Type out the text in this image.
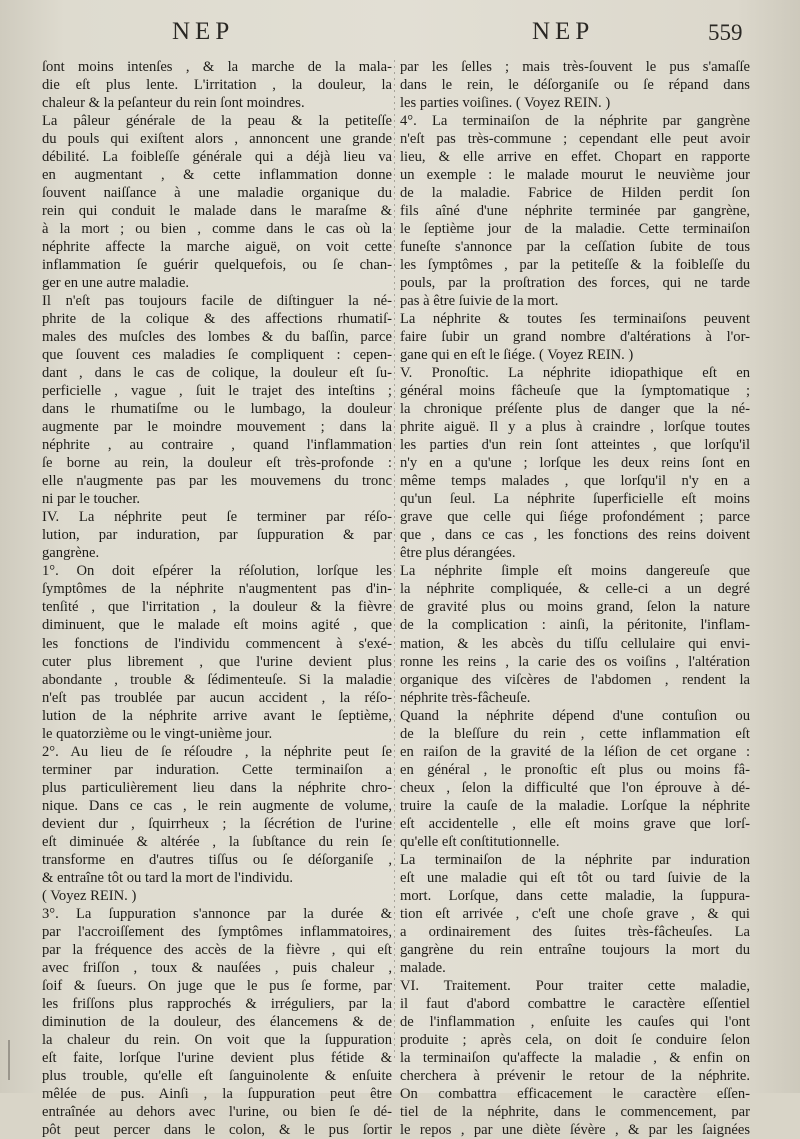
NEP	NEP	559

ſont moins intenſes , & la marche de la mala-

die eſt plus lente. L'irritation , la douleur, la

chaleur & la peſanteur du rein ſont moindres.

La pâleur générale de la peau & la petiteſſe

du pouls qui exiſtent alors , annoncent une grande

débilité. La foibleſſe générale qui a déjà lieu va

en augmentant , & cette inflammation donne

ſouvent naiſſance à une maladie organique du

rein qui conduit le malade dans le maraſme &

à la mort ; ou bien , comme dans le cas où la

néphrite affecte la marche aiguë, on voit cette

inflammation ſe guérir quelquefois, ou ſe chan-

ger en une autre maladie.

Il n'eſt pas toujours facile de diſtinguer la né-

phrite de la colique & des affections rhumatiſ-

males des muſcles des lombes & du baſſin, parce

que ſouvent ces maladies ſe compliquent : cepen-

dant , dans le cas de colique, la douleur eſt ſu-

perficielle , vague , ſuit le trajet des inteſtins ;

dans le rhumatiſme ou le lumbago, la douleur

augmente par le moindre mouvement ; dans la

néphrite , au contraire , quand l'inflammation

ſe borne au rein, la douleur eſt très-profonde :

elle n'augmente pas par les mouvemens du tronc

ni par le toucher.

IV. La néphrite peut ſe terminer par réſo-

lution, par induration, par ſuppuration & par

gangrène.

1°. On doit eſpérer la réſolution, lorſque les

ſymptômes de la néphrite n'augmentent pas d'in-

tenſité , que l'irritation , la douleur & la fièvre

diminuent, que le malade eſt moins agité , que

les fonctions de l'individu commencent à s'exé-

cuter plus librement , que l'urine devient plus

abondante , trouble & ſédimenteuſe. Si la maladie

n'eſt pas troublée par aucun accident , la réſo-

lution de la néphrite arrive avant le ſeptième,

le quatorzième ou le vingt-unième jour.

2°. Au lieu de ſe réſoudre , la néphrite peut ſe

terminer par induration. Cette terminaiſon a

plus particulièrement lieu dans la néphrite chro-

nique. Dans ce cas , le rein augmente de volume,

devient dur , ſquirrheux ; la ſécrétion de l'urine

eſt diminuée & altérée , la ſubſtance du rein ſe

transforme en d'autres tiſſus ou ſe déſorganiſe ,

& entraîne tôt ou tard la mort de l'individu.

( Voyez REIN. )

3°. La ſuppuration s'annonce par la durée &

par l'accroiſſement des ſymptômes inflammatoires,

par la fréquence des accès de la fièvre , qui eſt

avec friſſon , toux & nauſées , puis chaleur ,

ſoif & ſueurs. On juge que le pus ſe forme, par

les friſſons plus rapprochés & irréguliers, par la

diminution de la douleur, des élancemens & de

la chaleur du rein. On voit que la ſuppuration

eſt faite, lorſque l'urine devient plus fétide &

plus trouble, qu'elle eſt ſanguinolente & enſuite

mêlée de pus. Ainſi , la ſuppuration peut être

entraînée au dehors avec l'urine, ou bien ſe dé-

pôt peut percer dans le colon, & le pus ſortir

par les ſelles ; mais très-ſouvent le pus s'amaſſe

dans le rein, le déſorganiſe ou ſe répand dans

les parties voiſines. ( Voyez REIN. )

4°. La terminaiſon de la néphrite par gangrène

n'eſt pas très-commune ; cependant elle peut avoir

lieu, & elle arrive en effet. Chopart en rapporte

un exemple : le malade mourut le neuvième jour

de la maladie. Fabrice de Hilden perdit ſon

fils aîné d'une néphrite terminée par gangrène,

le ſeptième jour de la maladie. Cette terminaiſon

funeſte s'annonce par la ceſſation ſubite de tous

les ſymptômes , par la petiteſſe & la foibleſſe du

pouls, par la proſtration des forces, qui ne tarde

pas à être ſuivie de la mort.

La néphrite & toutes ſes terminaiſons peuvent

faire ſubir un grand nombre d'altérations à l'or-

gane qui en eſt le ſiége. ( Voyez REIN. )

V. Pronoſtic. La néphrite idiopathique eſt en

général moins fâcheuſe que la ſymptomatique ;

la chronique préſente plus de danger que la né-

phrite aiguë. Il y a plus à craindre , lorſque toutes

les parties d'un rein ſont atteintes , que lorſqu'il

n'y en a qu'une ; lorſque les deux reins ſont en

même temps malades , que lorſqu'il n'y en a

qu'un ſeul. La néphrite ſuperficielle eſt moins

grave que celle qui ſiége profondément ; parce

que , dans ce cas , les fonctions des reins doivent

être plus dérangées.

La néphrite ſimple eſt moins dangereuſe que

la néphrite compliquée, & celle-ci a un degré

de gravité plus ou moins grand, ſelon la nature

de la complication : ainſi, la péritonite, l'inflam-

mation, & les abcès du tiſſu cellulaire qui envi-

ronne les reins , la carie des os voiſins , l'altération

organique des viſcères de l'abdomen , rendent la

néphrite très-fâcheuſe.

Quand la néphrite dépend d'une contuſion ou

de la bleſſure du rein , cette inflammation eſt

en raiſon de la gravité de la léſion de cet organe :

en général , le pronoſtic eſt plus ou moins fâ-

cheux , ſelon la difficulté que l'on éprouve à dé-

truire la cauſe de la maladie. Lorſque la néphrite

eſt accidentelle , elle eſt moins grave que lorſ-

qu'elle eſt conſtitutionnelle.

La terminaiſon de la néphrite par induration

eſt une maladie qui eſt tôt ou tard ſuivie de la

mort. Lorſque, dans cette maladie, la ſuppura-

tion eſt arrivée , c'eſt une choſe grave , & qui

a ordinairement des ſuites très-fâcheuſes. La

gangrène du rein entraîne toujours la mort du

malade.

VI. Traitement. Pour traiter cette maladie,

il faut d'abord combattre le caractère eſſentiel

de l'inflammation , enſuite les cauſes qui l'ont

produite ; après cela, on doit ſe conduire ſelon

la terminaiſon qu'affecte la maladie , & enfin on

cherchera à prévenir le retour de la néphrite.

On combattra efficacement le caractère eſſen-

tiel de la néphrite, dans le commencement, par

le repos , par une diète ſévère , & par les ſaignées
